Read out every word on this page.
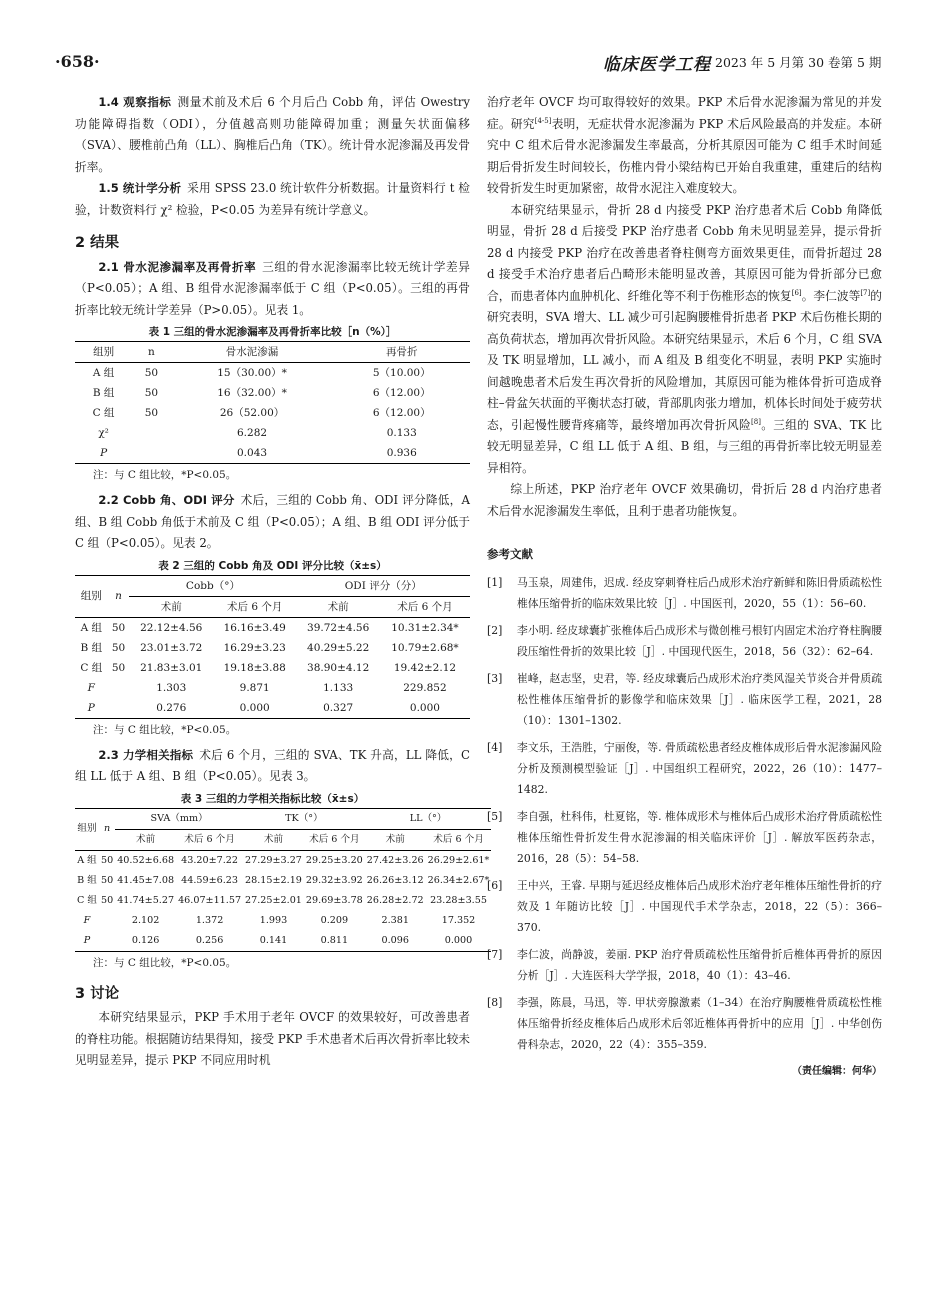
·658·	临床医学工程 2023 年 5 月第 30 卷第 5 期

1.4 观察指标 测量术前及术后 6 个月后凸 Cobb 角，评估 Owestry 功能障碍指数（ODI），分值越高则功能障碍加重；测量矢状面偏移（SVA）、腰椎前凸角（LL）、胸椎后凸角（TK）。统计骨水泥渗漏及再发骨折率。

1.5 统计学分析 采用 SPSS 23.0 统计软件分析数据。计量资料行 t 检验，计数资料行 χ² 检验，P<0.05 为差异有统计学意义。

2 结果

2.1 骨水泥渗漏率及再骨折率 三组的骨水泥渗漏率比较无统计学差异（P<0.05）；A 组、B 组骨水泥渗漏率低于 C 组（P<0.05）。三组的再骨折率比较无统计学差异（P>0.05）。见表 1。

表 1 三组的骨水泥渗漏率及再骨折率比较［n（%）］
组别	n	骨水泥渗漏	再骨折
A 组	50	15（30.00）*	5（10.00）
B 组	50	16（32.00）*	6（12.00）
C 组	50	26（52.00）	6（12.00）
χ²		6.282	0.133
P		0.043	0.936
注：与 C 组比较，*P<0.05。

2.2 Cobb 角、ODI 评分 术后，三组的 Cobb 角、ODI 评分降低，A 组、B 组 Cobb 角低于术前及 C 组（P<0.05）；A 组、B 组 ODI 评分低于 C 组（P<0.05）。见表 2。

表 2 三组的 Cobb 角及 ODI 评分比较（x̄±s）
组别	n	Cobb（°）		ODI 评分（分）	
		术前	术后 6 个月	术前	术后 6 个月
A 组	50	22.12±4.56	16.16±3.49	39.72±4.56	10.31±2.34*
B 组	50	23.01±3.72	16.29±3.23	40.29±5.22	10.79±2.68*
C 组	50	21.83±3.01	19.18±3.88	38.90±4.12	19.42±2.12
F		1.303	9.871	1.133	229.852
P		0.276	0.000	0.327	0.000
注：与 C 组比较，*P<0.05。

2.3 力学相关指标 术后 6 个月，三组的 SVA、TK 升高，LL 降低，C 组 LL 低于 A 组、B 组（P<0.05）。见表 3。

表 3 三组的力学相关指标比较（x̄±s）
组别	n	SVA（mm）		TK（°）		LL（°）	
		术前	术后 6 个月	术前	术后 6 个月	术前	术后 6 个月
A 组	50	40.52±6.68	43.20±7.22	27.29±3.27	29.25±3.20	27.42±3.26	26.29±2.61*
B 组	50	41.45±7.08	44.59±6.23	28.15±2.19	29.32±3.92	26.26±3.12	26.34±2.67*
C 组	50	41.74±5.27	46.07±11.57	27.25±2.01	29.69±3.78	26.28±2.72	23.28±3.55
F		2.102	1.372	1.993	0.209	2.381	17.352
P		0.126	0.256	0.141	0.811	0.096	0.000
注：与 C 组比较，*P<0.05。
3 讨论

本研究结果显示，PKP 手术用于老年 OVCF 的效果较好，可改善患者的脊柱功能。根据随访结果得知，接受 PKP 手术患者术后再次骨折率比较未见明显差异，提示 PKP 不同应用时机

治疗老年 OVCF 均可取得较好的效果。PKP 术后骨水泥渗漏为常见的并发症。研究[4-5]表明，无症状骨水泥渗漏为 PKP 术后风险最高的并发症。本研究中 C 组术后骨水泥渗漏发生率最高，分析其原因可能为 C 组手术时间延期后骨折发生时间较长，伤椎内骨小梁结构已开始自我重建，重建后的结构较骨折发生时更加紧密，故骨水泥注入难度较大。

本研究结果显示，骨折 28 d 内接受 PKP 治疗患者术后 Cobb 角降低明显，骨折 28 d 后接受 PKP 治疗患者 Cobb 角未见明显差异，提示骨折 28 d 内接受 PKP 治疗在改善患者脊柱侧弯方面效果更佳，而骨折超过 28 d 接受手术治疗患者后凸畸形未能明显改善，其原因可能为骨折部分已愈合，而患者体内血肿机化、纤维化等不利于伤椎形态的恢复[6]。李仁波等[7]的研究表明，SVA 增大、LL 减少可引起胸腰椎骨折患者 PKP 术后伤椎长期的高负荷状态，增加再次骨折风险。本研究结果显示，术后 6 个月，C 组 SVA 及 TK 明显增加，LL 减小，而 A 组及 B 组变化不明显，表明 PKP 实施时间越晚患者术后发生再次骨折的风险增加，其原因可能为椎体骨折可造成脊柱–骨盆矢状面的平衡状态打破，背部肌肉张力增加，机体长时间处于疲劳状态，引起慢性腰背疼痛等，最终增加再次骨折风险[8]。三组的 SVA、TK 比较无明显差异，C 组 LL 低于 A 组、B 组，与三组的再骨折率比较无明显差异相符。

综上所述，PKP 治疗老年 OVCF 效果确切，骨折后 28 d 内治疗患者术后骨水泥渗漏发生率低，且利于患者功能恢复。

参考文献
[1]	马玉泉，周建伟，迟成. 经皮穿刺脊柱后凸成形术治疗新鲜和陈旧骨质疏松性椎体压缩骨折的临床效果比较［J］. 中国医刊，2020，55（1）：56–60.
[2]	李小明. 经皮球囊扩张椎体后凸成形术与微创椎弓根钉内固定术治疗脊柱胸腰段压缩性骨折的效果比较［J］. 中国现代医生，2018，56（32）：62–64.
[3]	崔峰，赵志坚，史君，等. 经皮球囊后凸成形术治疗类风湿关节炎合并骨质疏松性椎体压缩骨折的影像学和临床效果［J］. 临床医学工程，2021，28（10）：1301–1302.
[4]	李文乐，王浩胜，宁丽俊，等. 骨质疏松患者经皮椎体成形后骨水泥渗漏风险分析及预测模型验证［J］. 中国组织工程研究，2022，26（10）：1477–1482.
[5]	李自强，杜科伟，杜夏铭，等. 椎体成形术与椎体后凸成形术治疗骨质疏松性椎体压缩性骨折发生骨水泥渗漏的相关临床评价［J］. 解放军医药杂志，2016，28（5）：54–58.
[6]	王中兴，王睿. 早期与延迟经皮椎体后凸成形术治疗老年椎体压缩性骨折的疗效及 1 年随访比较［J］. 中国现代手术学杂志，2018，22（5）：366–370.
[7]	李仁波，尚静波，姜丽. PKP 治疗骨质疏松性压缩骨折后椎体再骨折的原因分析［J］. 大连医科大学学报，2018，40（1）：43–46.
[8]	李强，陈晨，马迅，等. 甲状旁腺激素（1–34）在治疗胸腰椎骨质疏松性椎体压缩骨折经皮椎体后凸成形术后邻近椎体再骨折中的应用［J］. 中华创伤骨科杂志，2020，22（4）：355–359.
（责任编辑：何华）
